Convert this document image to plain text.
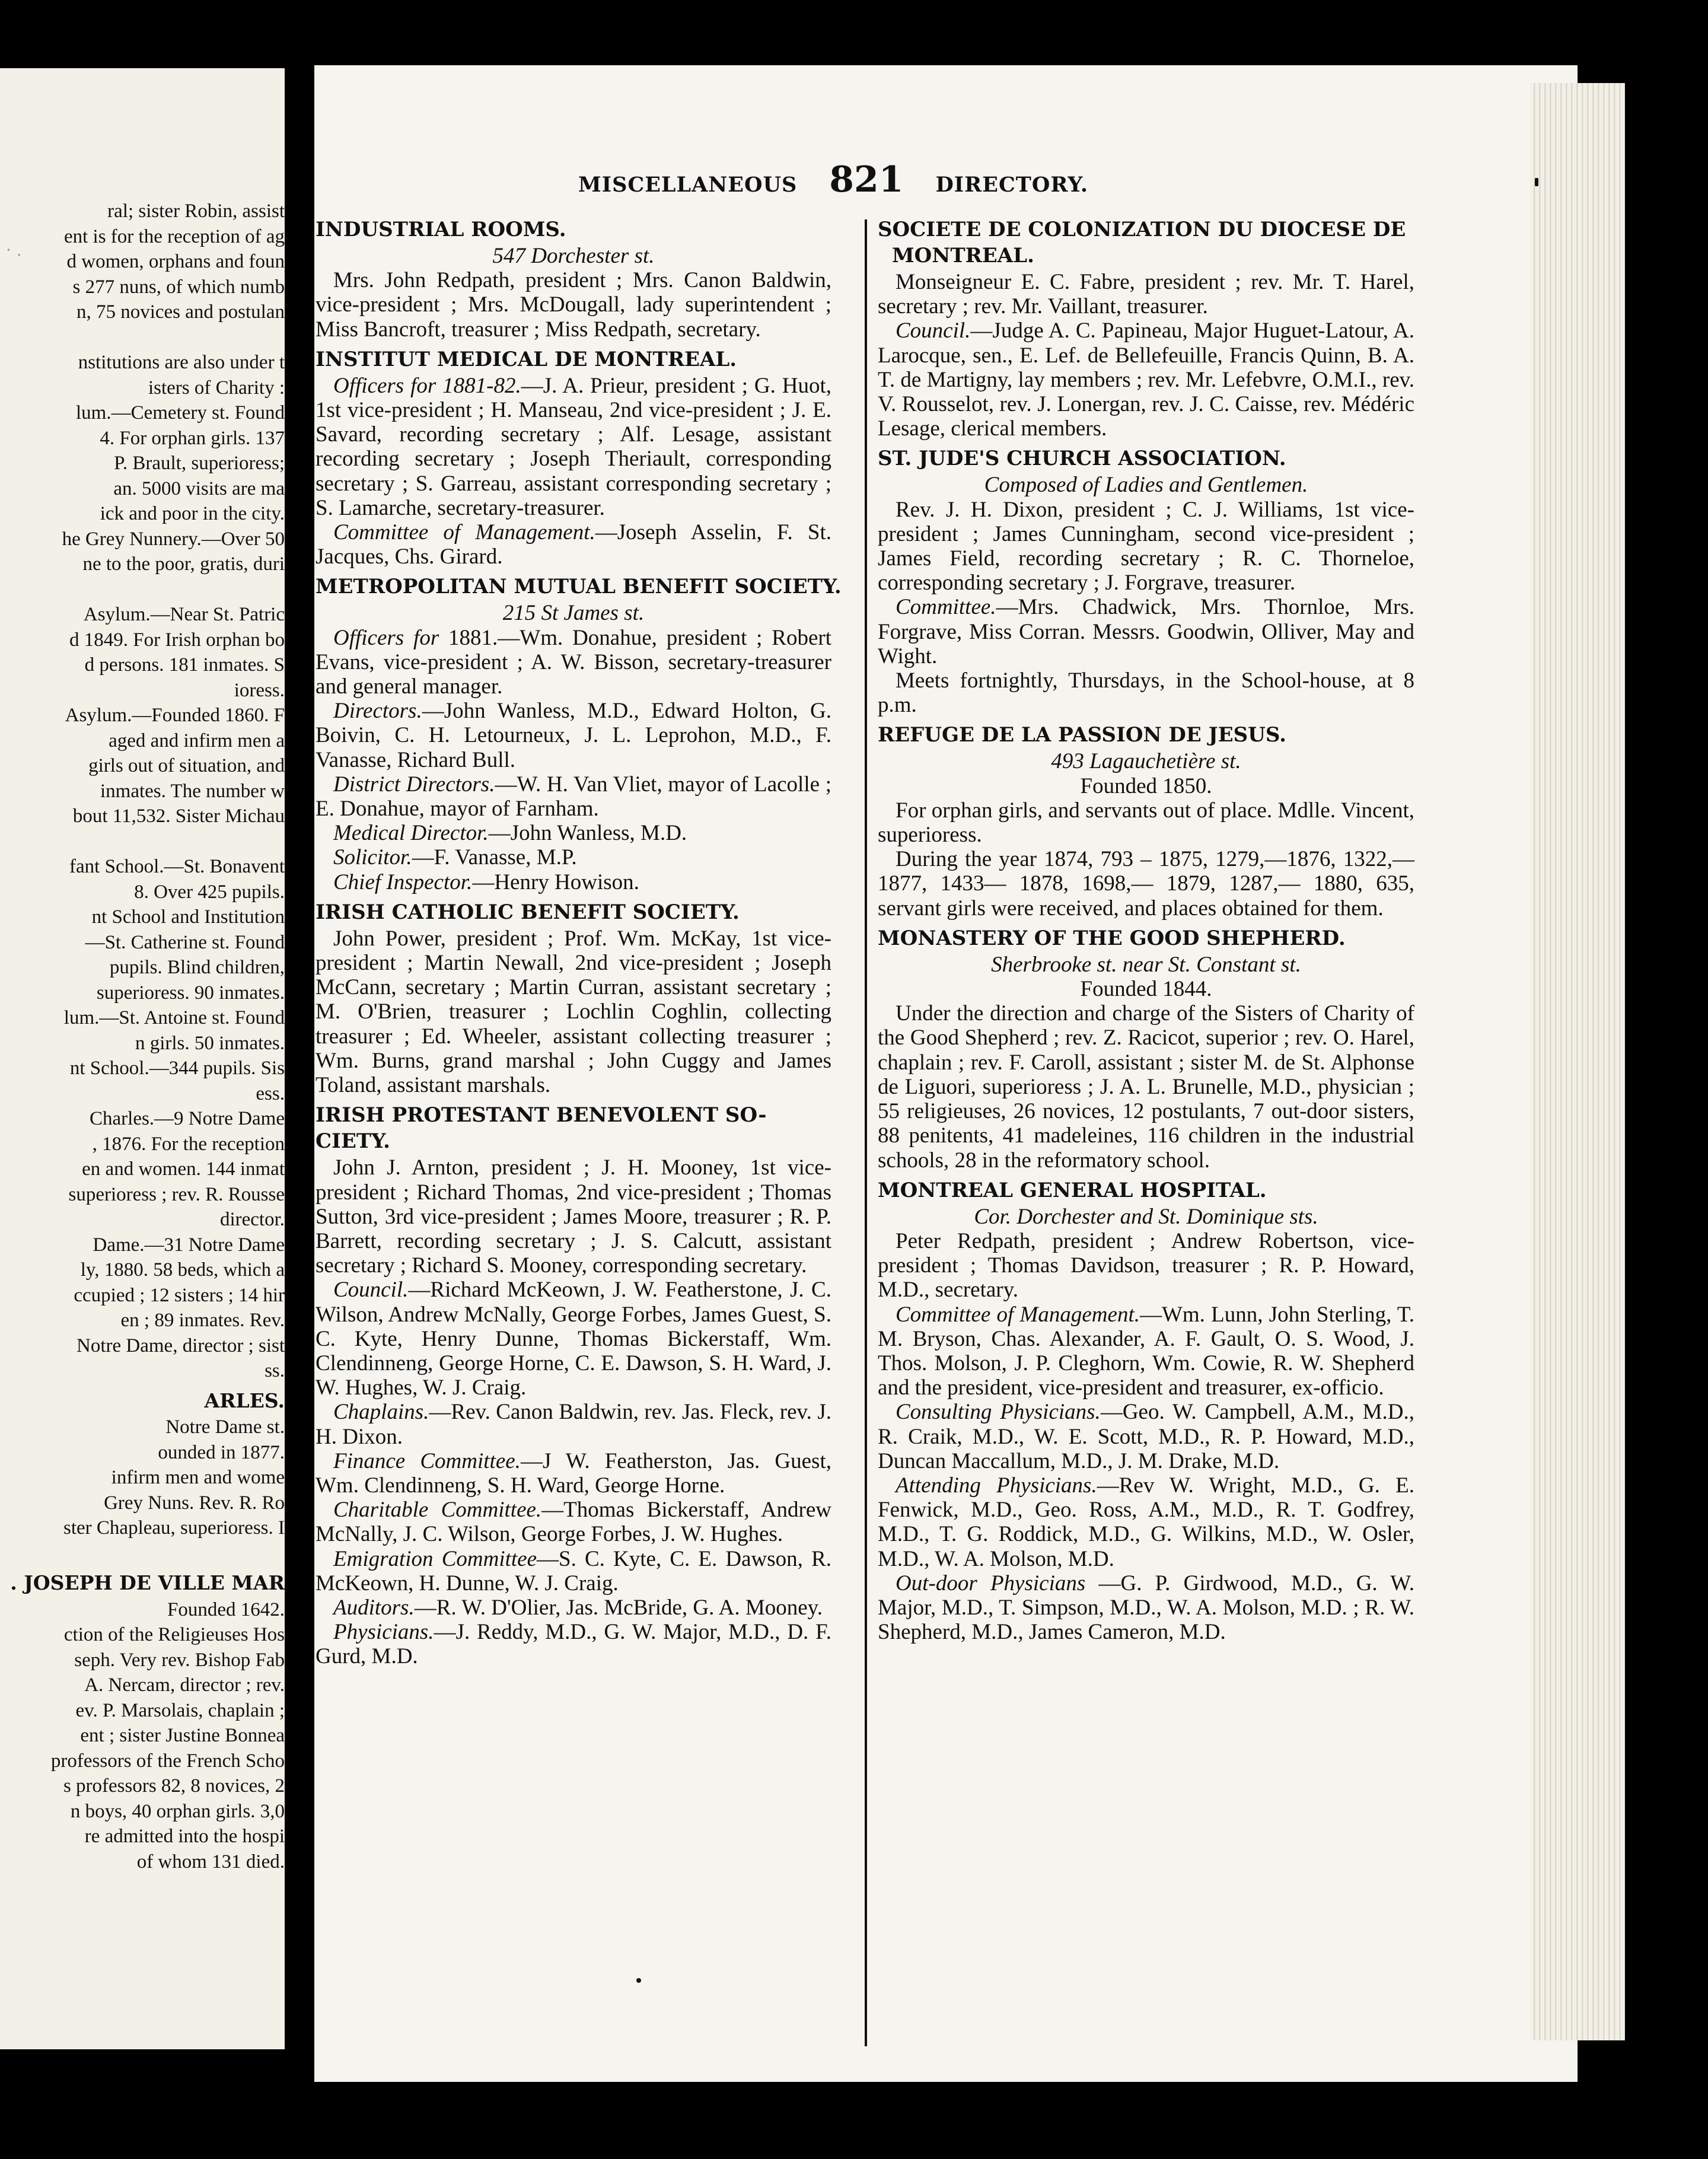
· .
ral; sister Robin, assist
ent is for the reception of ag
d women, orphans and foun
s 277 nuns, of which numb
n, 75 novices and postulan

nstitutions are also under t
isters of Charity :
lum.—Cemetery st. Found
4. For orphan girls. 137
P. Brault, superioress;
an. 5000 visits are ma
ick and poor in the city.
he Grey Nunnery.—Over 50
ne to the poor, gratis, duri

Asylum.—Near St. Patric
d 1849. For Irish orphan bo
d persons. 181 inmates. S
ioress.
Asylum.—Founded 1860. F
aged and infirm men a
girls out of situation, and
inmates. The number w
bout 11,532. Sister Michau

fant School.—St. Bonavent
8. Over 425 pupils.
nt School and Institution
—St. Catherine st. Found
pupils. Blind children,
superioress. 90 inmates.
lum.—St. Antoine st. Found
n girls. 50 inmates.
nt School.—344 pupils. Sis
ess.
Charles.—9 Notre Dame
, 1876. For the reception
en and women. 144 inmat
superioress ; rev. R. Rousse
director.
Dame.—31 Notre Dame
ly, 1880. 58 beds, which a
ccupied ; 12 sisters ; 14 hir
en ; 89 inmates. Rev.
Notre Dame, director ; sist
ss.
ARLES.
Notre Dame st.
ounded in 1877.
infirm men and wome
Grey Nuns. Rev. R. Ro
ster Chapleau, superioress. I

. JOSEPH DE VILLE MAR
Founded 1642.
ction of the Religieuses Hos
seph. Very rev. Bishop Fab
A. Nercam, director ; rev.
ev. P. Marsolais, chaplain ;
ent ; sister Justine Bonnea
professors of the French Scho
s professors 82, 8 novices, 2
n boys, 40 orphan girls. 3,0
re admitted into the hospi
of whom 131 died.
MISCELLANEOUS 821 DIRECTORY.
INDUSTRIAL ROOMS.
547 Dorchester st.
Mrs. John Redpath, president ; Mrs. Canon Baldwin, vice-president ; Mrs. McDougall, lady superintendent ; Miss Bancroft, treasurer ; Miss Redpath, secretary.
INSTITUT MEDICAL DE MONTREAL.
Officers for 1881-82.—J. A. Prieur, president ; G. Huot, 1st vice-president ; H. Manseau, 2nd vice-president ; J. E. Savard, recording secretary ; Alf. Lesage, assistant recording secretary ; Joseph Theriault, corresponding secretary ; S. Garreau, assistant corresponding secretary ; S. Lamarche, secretary-treasurer.
Committee of Management.—Joseph Asselin, F. St. Jacques, Chs. Girard.
METROPOLITAN MUTUAL BENEFIT SOCIETY.
215 St James st.
Officers for 1881.—Wm. Donahue, president ; Robert Evans, vice-president ; A. W. Bisson, secretary-treasurer and general manager.
Directors.—John Wanless, M.D., Edward Holton, G. Boivin, C. H. Letourneux, J. L. Leprohon, M.D., F. Vanasse, Richard Bull.
District Directors.—W. H. Van Vliet, mayor of Lacolle ; E. Donahue, mayor of Farnham.
Medical Director.—John Wanless, M.D.
Solicitor.—F. Vanasse, M.P.
Chief Inspector.—Henry Howison.
IRISH CATHOLIC BENEFIT SOCIETY.
John Power, president ; Prof. Wm. McKay, 1st vice-president ; Martin Newall, 2nd vice-president ; Joseph McCann, secretary ; Martin Curran, assistant secretary ; M. O'Brien, treasurer ; Lochlin Coghlin, collecting treasurer ; Ed. Wheeler, assistant collecting treasurer ; Wm. Burns, grand marshal ; John Cuggy and James Toland, assistant marshals.
IRISH PROTESTANT BENEVOLENT SO-
CIETY.
John J. Arnton, president ; J. H. Mooney, 1st vice-president ; Richard Thomas, 2nd vice-president ; Thomas Sutton, 3rd vice-president ; James Moore, treasurer ; R. P. Barrett, recording secretary ; J. S. Calcutt, assistant secretary ; Richard S. Mooney, corresponding secretary.
Council.—Richard McKeown, J. W. Featherstone, J. C. Wilson, Andrew McNally, George Forbes, James Guest, S. C. Kyte, Henry Dunne, Thomas Bickerstaff, Wm. Clendinneng, George Horne, C. E. Dawson, S. H. Ward, J. W. Hughes, W. J. Craig.
Chaplains.—Rev. Canon Baldwin, rev. Jas. Fleck, rev. J. H. Dixon.
Finance Committee.—J W. Featherston, Jas. Guest, Wm. Clendinneng, S. H. Ward, George Horne.
Charitable Committee.—Thomas Bickerstaff, Andrew McNally, J. C. Wilson, George Forbes, J. W. Hughes.
Emigration Committee—S. C. Kyte, C. E. Dawson, R. McKeown, H. Dunne, W. J. Craig.
Auditors.—R. W. D'Olier, Jas. McBride, G. A. Mooney.
Physicians.—J. Reddy, M.D., G. W. Major, M.D., D. F. Gurd, M.D.
SOCIETE DE COLONIZATION DU DIOCESE DE
MONTREAL.
Monseigneur E. C. Fabre, president ; rev. Mr. T. Harel, secretary ; rev. Mr. Vaillant, treasurer.
Council.—Judge A. C. Papineau, Major Huguet-Latour, A. Larocque, sen., E. Lef. de Bellefeuille, Francis Quinn, B. A. T. de Martigny, lay members ; rev. Mr. Lefebvre, O.M.I., rev. V. Rousselot, rev. J. Lonergan, rev. J. C. Caisse, rev. Médéric Lesage, clerical members.
ST. JUDE'S CHURCH ASSOCIATION.
Composed of Ladies and Gentlemen.
Rev. J. H. Dixon, president ; C. J. Williams, 1st vice-president ; James Cunningham, second vice-president ; James Field, recording secretary ; R. C. Thorneloe, corresponding secretary ; J. Forgrave, treasurer.
Committee.—Mrs. Chadwick, Mrs. Thornloe, Mrs. Forgrave, Miss Corran. Messrs. Goodwin, Olliver, May and Wight.
Meets fortnightly, Thursdays, in the School-house, at 8 p.m.
REFUGE DE LA PASSION DE JESUS.
493 Lagauchetière st.
Founded 1850.
For orphan girls, and servants out of place. Mdlle. Vincent, superioress.
During the year 1874, 793 – 1875, 1279,—1876, 1322,— 1877, 1433— 1878, 1698,— 1879, 1287,— 1880, 635, servant girls were received, and places obtained for them.
MONASTERY OF THE GOOD SHEPHERD.
Sherbrooke st. near St. Constant st.
Founded 1844.
Under the direction and charge of the Sisters of Charity of the Good Shepherd ; rev. Z. Racicot, superior ; rev. O. Harel, chaplain ; rev. F. Caroll, assistant ; sister M. de St. Alphonse de Liguori, superioress ; J. A. L. Brunelle, M.D., physician ; 55 religieuses, 26 novices, 12 postulants, 7 out-door sisters, 88 penitents, 41 madeleines, 116 children in the industrial schools, 28 in the reformatory school.
MONTREAL GENERAL HOSPITAL.
Cor. Dorchester and St. Dominique sts.
Peter Redpath, president ; Andrew Robertson, vice-president ; Thomas Davidson, treasurer ; R. P. Howard, M.D., secretary.
Committee of Management.—Wm. Lunn, John Sterling, T. M. Bryson, Chas. Alexander, A. F. Gault, O. S. Wood, J. Thos. Molson, J. P. Cleghorn, Wm. Cowie, R. W. Shepherd and the president, vice-president and treasurer, ex-officio.
Consulting Physicians.—Geo. W. Campbell, A.M., M.D., R. Craik, M.D., W. E. Scott, M.D., R. P. Howard, M.D., Duncan Maccallum, M.D., J. M. Drake, M.D.
Attending Physicians.—Rev W. Wright, M.D., G. E. Fenwick, M.D., Geo. Ross, A.M., M.D., R. T. Godfrey, M.D., T. G. Roddick, M.D., G. Wilkins, M.D., W. Osler, M.D., W. A. Molson, M.D.
Out-door Physicians —G. P. Girdwood, M.D., G. W. Major, M.D., T. Simpson, M.D., W. A. Molson, M.D. ; R. W. Shepherd, M.D., James Cameron, M.D.
